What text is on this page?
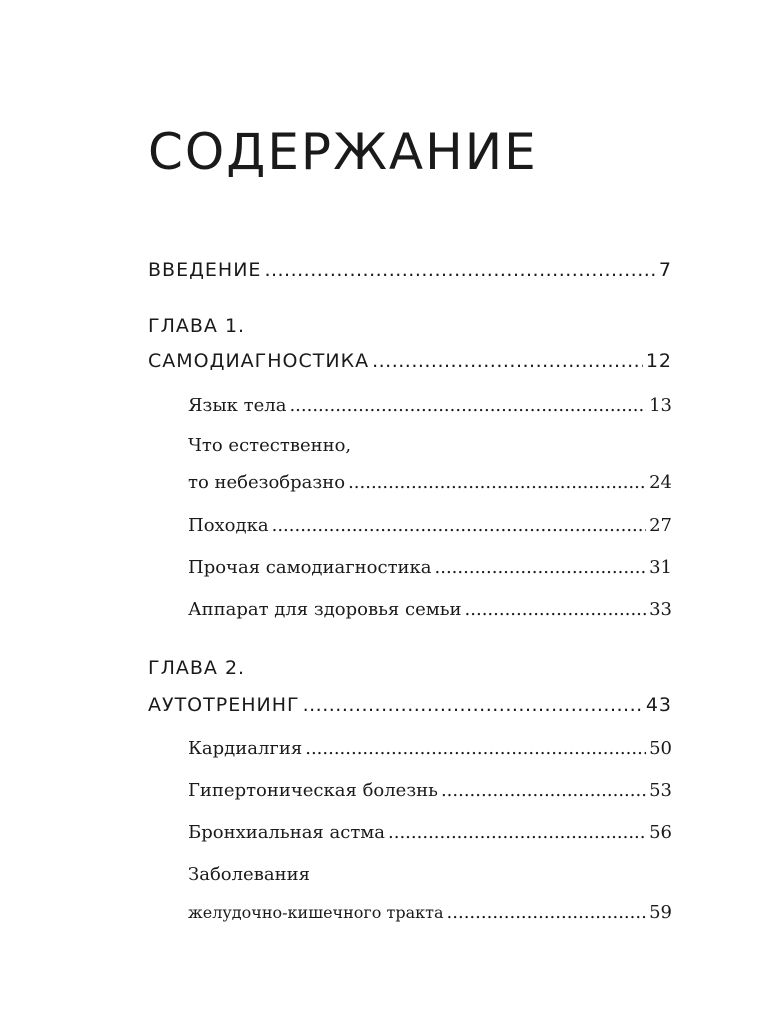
СОДЕРЖАНИЕ
ВВЕДЕНИЕ .....	7
ГЛАВА 1.
САМОДИАГНОСТИКА .....	12
Язык тела .....	13
Что естественно,
то небезобразно .....	24
Походка .....	27
Прочая самодиагностика .....	31
Аппарат для здоровья семьи .....	33
ГЛАВА 2.
АУТОТРЕНИНГ .....	43
Кардиалгия .....	50
Гипертоническая болезнь .....	53
Бронхиальная астма .....	56
Заболевания
желудочно-кишечного тракта .....	59
